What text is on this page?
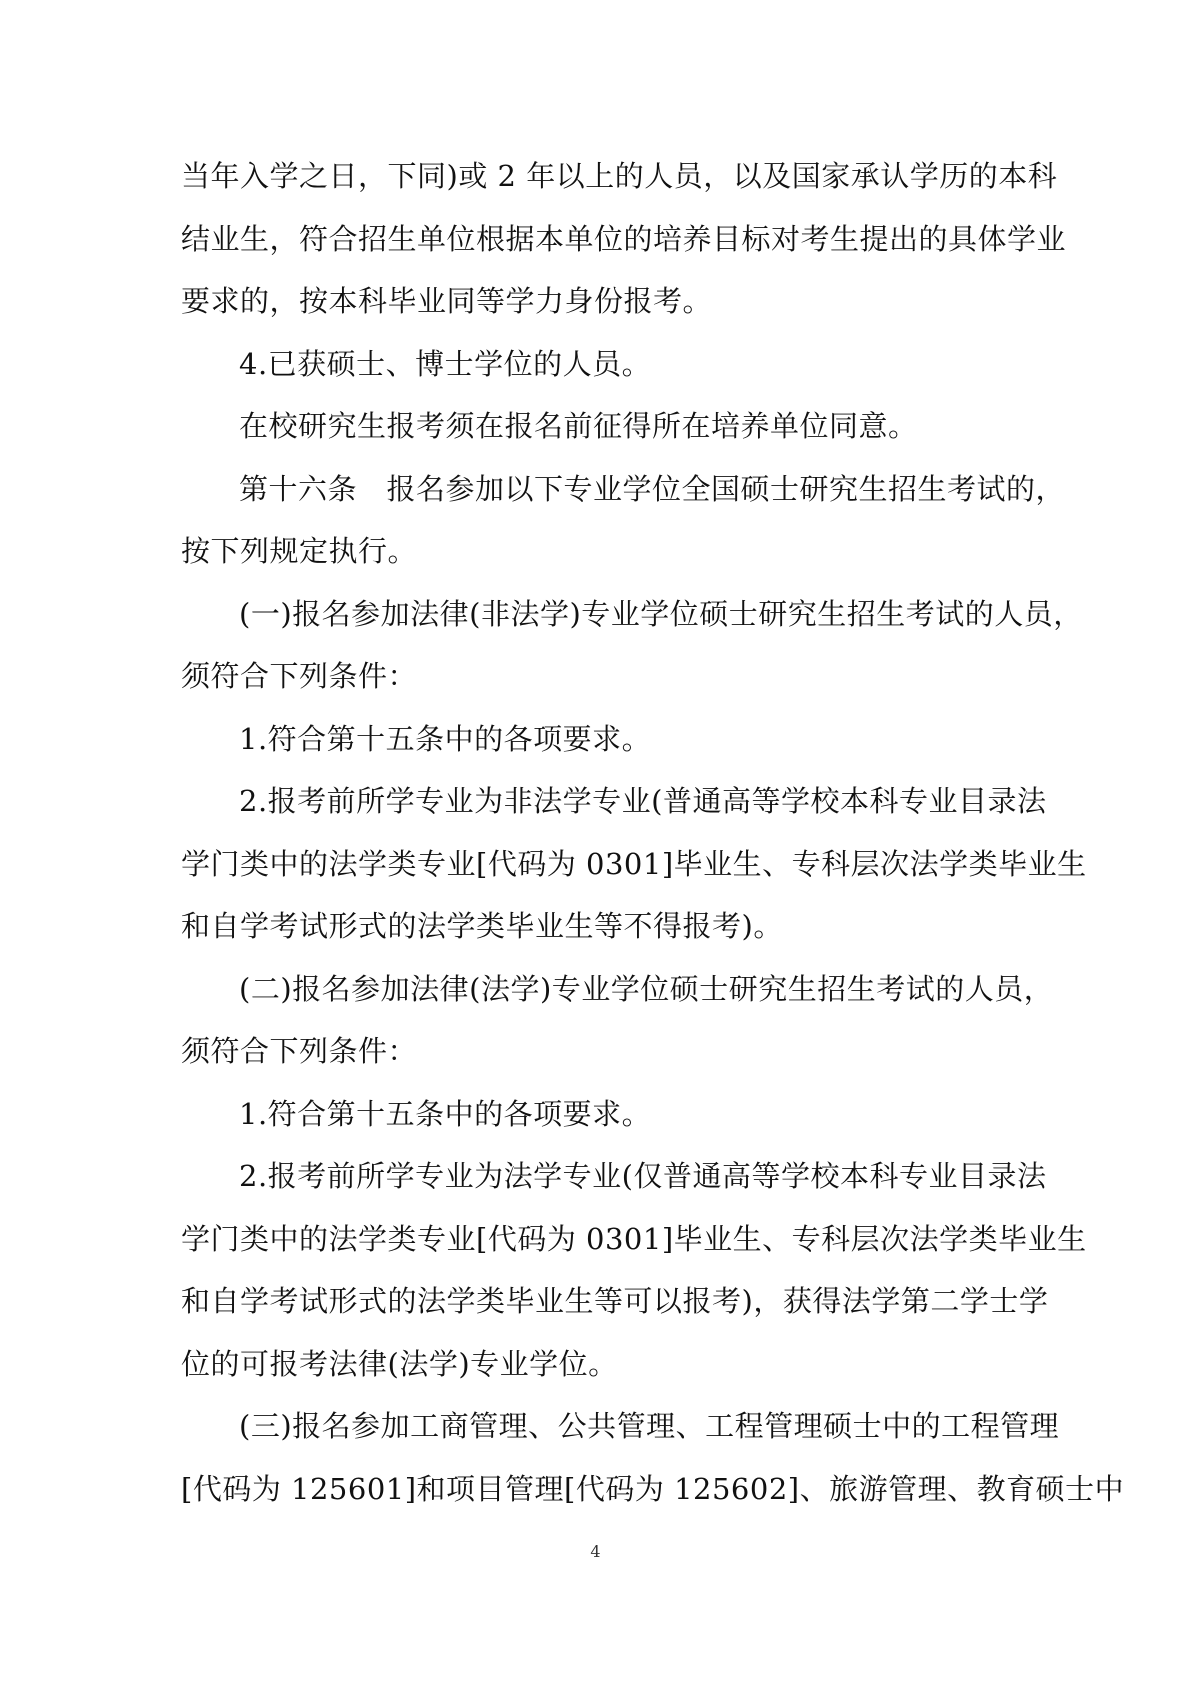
当年入学之日，下同)或 2 年以上的人员，以及国家承认学历的本科

结业生，符合招生单位根据本单位的培养目标对考生提出的具体学业

要求的，按本科毕业同等学力身份报考。

4.已获硕士、博士学位的人员。

在校研究生报考须在报名前征得所在培养单位同意。

第十六条　报名参加以下专业学位全国硕士研究生招生考试的，

按下列规定执行。

(一)报名参加法律(非法学)专业学位硕士研究生招生考试的人员，

须符合下列条件：

1.符合第十五条中的各项要求。

2.报考前所学专业为非法学专业(普通高等学校本科专业目录法

学门类中的法学类专业[代码为 0301]毕业生、专科层次法学类毕业生

和自学考试形式的法学类毕业生等不得报考)。

(二)报名参加法律(法学)专业学位硕士研究生招生考试的人员，

须符合下列条件：

1.符合第十五条中的各项要求。

2.报考前所学专业为法学专业(仅普通高等学校本科专业目录法

学门类中的法学类专业[代码为 0301]毕业生、专科层次法学类毕业生

和自学考试形式的法学类毕业生等可以报考)，获得法学第二学士学

位的可报考法律(法学)专业学位。

(三)报名参加工商管理、公共管理、工程管理硕士中的工程管理

[代码为 125601]和项目管理[代码为 125602]、旅游管理、教育硕士中

4
